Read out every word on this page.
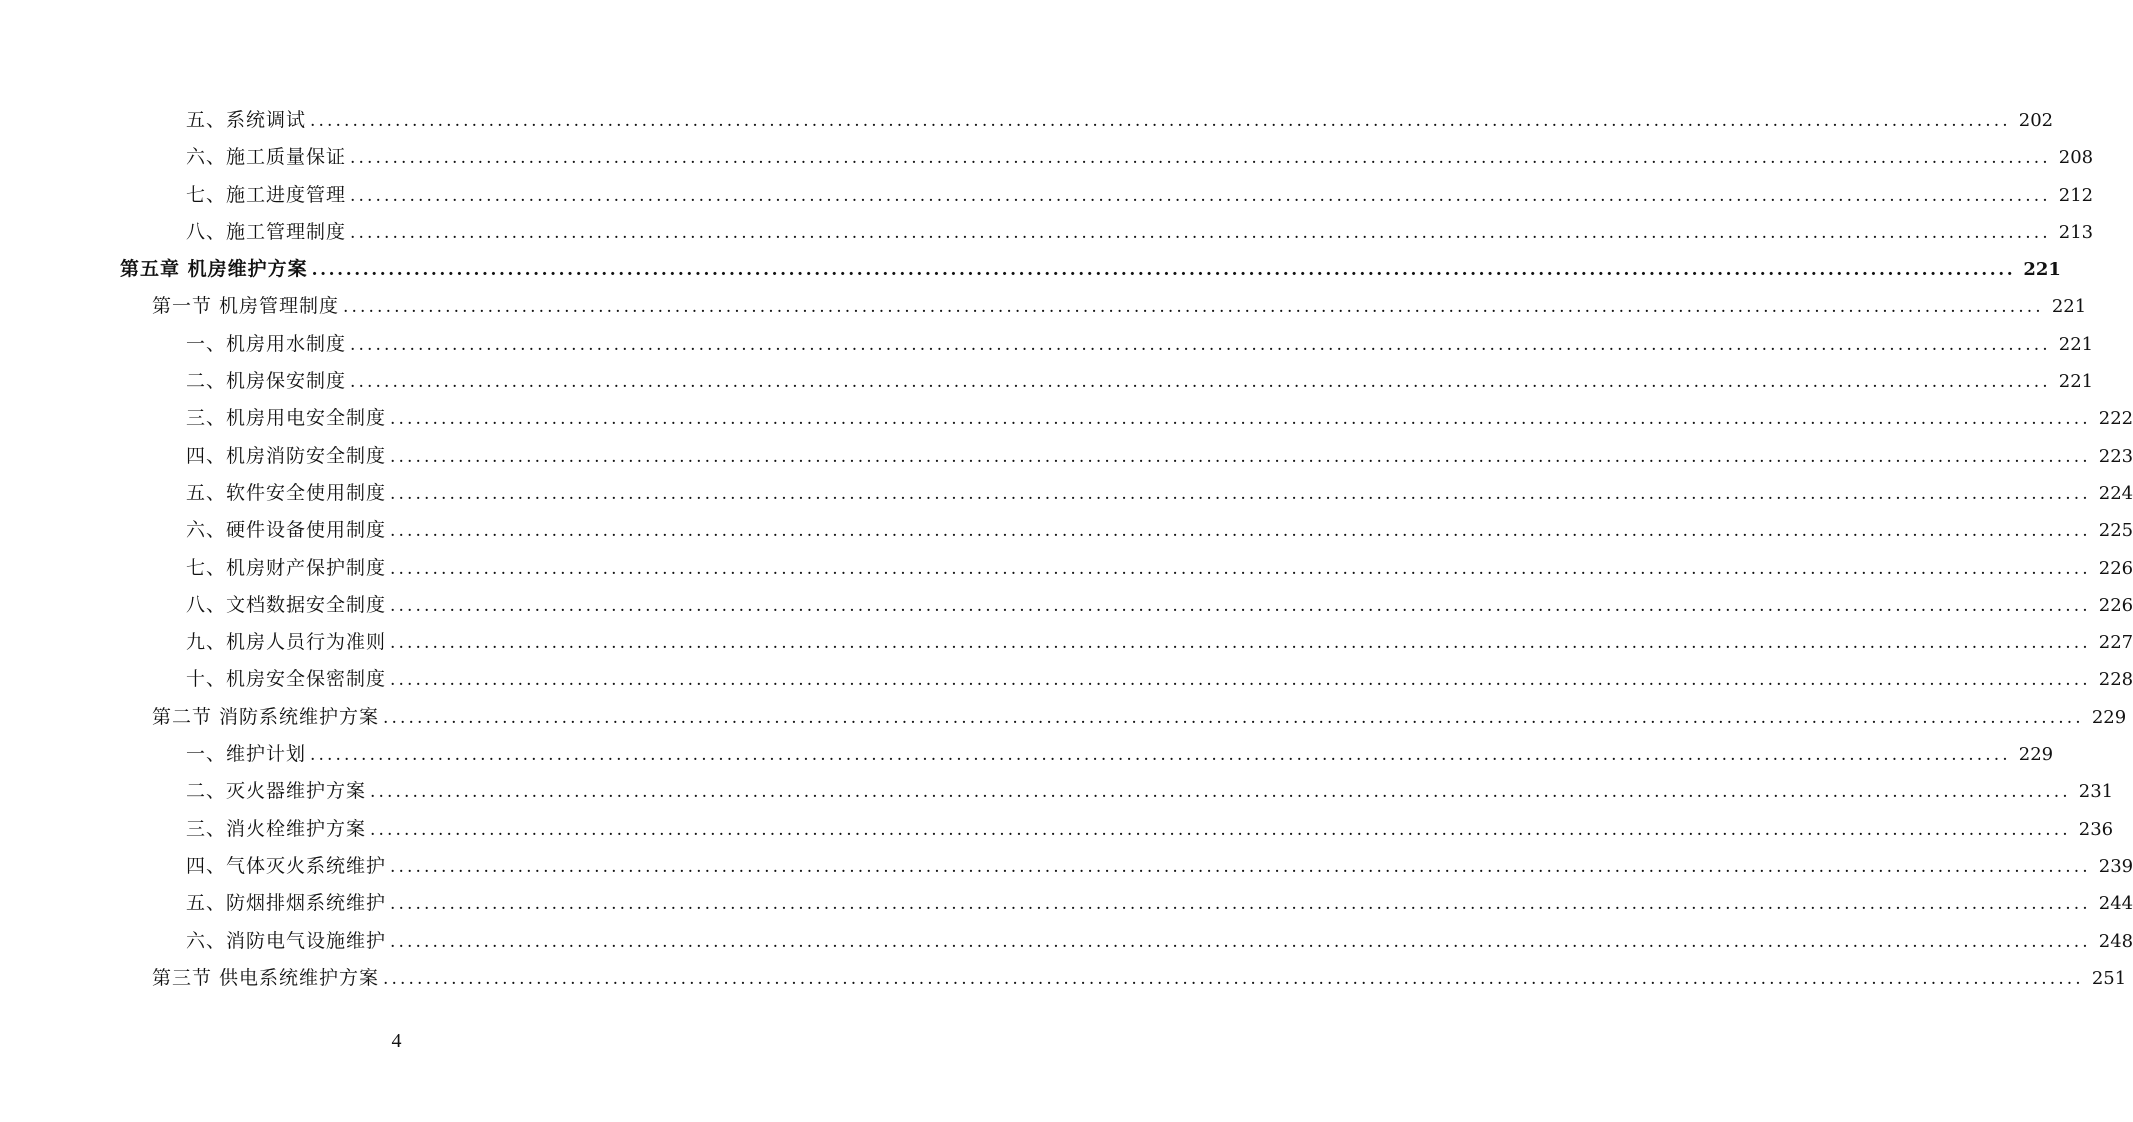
五、系统调试 ........................................................................................................................................................................................................ 202
六、施工质量保证 ........................................................................................................................................................................................................ 208
七、施工进度管理 ........................................................................................................................................................................................................ 212
八、施工管理制度 ........................................................................................................................................................................................................ 213
第五章 机房维护方案 ........................................................................................................................................................................................................ 221
第一节 机房管理制度 ........................................................................................................................................................................................................ 221
一、机房用水制度 ........................................................................................................................................................................................................ 221
二、机房保安制度 ........................................................................................................................................................................................................ 221
三、机房用电安全制度 ........................................................................................................................................................................................................ 222
四、机房消防安全制度 ........................................................................................................................................................................................................ 223
五、软件安全使用制度 ........................................................................................................................................................................................................ 224
六、硬件设备使用制度 ........................................................................................................................................................................................................ 225
七、机房财产保护制度 ........................................................................................................................................................................................................ 226
八、文档数据安全制度 ........................................................................................................................................................................................................ 226
九、机房人员行为准则 ........................................................................................................................................................................................................ 227
十、机房安全保密制度 ........................................................................................................................................................................................................ 228
第二节 消防系统维护方案 ........................................................................................................................................................................................................ 229
一、维护计划 ........................................................................................................................................................................................................ 229
二、灭火器维护方案 ........................................................................................................................................................................................................ 231
三、消火栓维护方案 ........................................................................................................................................................................................................ 236
四、气体灭火系统维护 ........................................................................................................................................................................................................ 239
五、防烟排烟系统维护 ........................................................................................................................................................................................................ 244
六、消防电气设施维护 ........................................................................................................................................................................................................ 248
第三节 供电系统维护方案 ........................................................................................................................................................................................................ 251
4
